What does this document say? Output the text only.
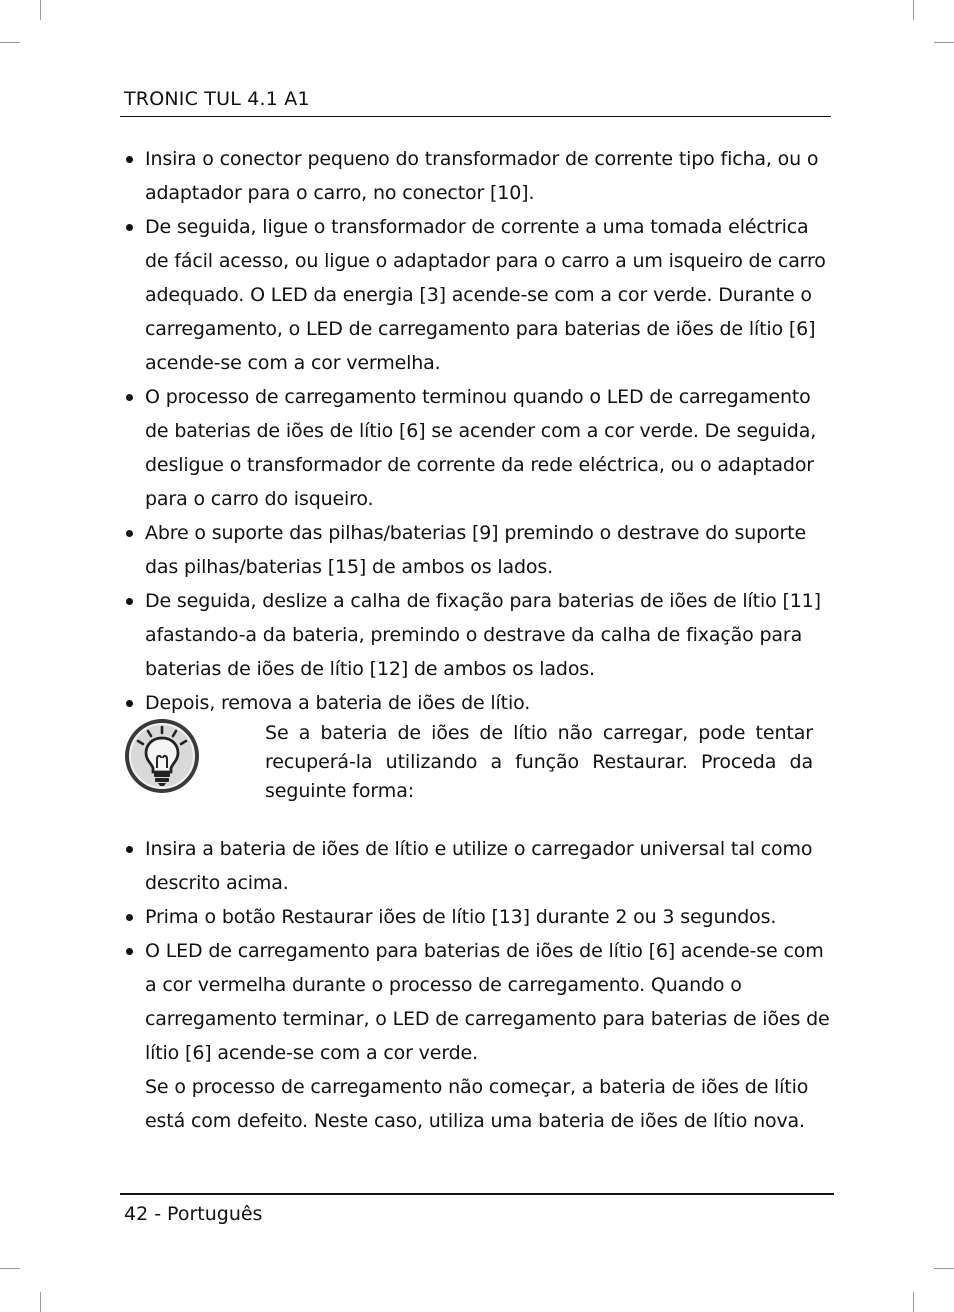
TRONIC TUL 4.1 A1
Insira o conector pequeno do transformador de corrente tipo ficha, ou o adaptador para o carro, no conector [10].
De seguida, ligue o transformador de corrente a uma tomada eléctrica de fácil acesso, ou ligue o adaptador para o carro a um isqueiro de carro adequado. O LED da energia [3] acende-se com a cor verde. Durante o carregamento, o LED de carregamento para baterias de iões de lítio [6] acende-se com a cor vermelha.
O processo de carregamento terminou quando o LED de carregamento de baterias de iões de lítio [6] se acender com a cor verde. De seguida, desligue o transformador de corrente da rede eléctrica, ou o adaptador para o carro do isqueiro.
Abre o suporte das pilhas/baterias [9] premindo o destrave do suporte das pilhas/baterias [15] de ambos os lados.
De seguida, deslize a calha de fixação para baterias de iões de lítio [11] afastando-a da bateria, premindo o destrave da calha de fixação para baterias de iões de lítio [12] de ambos os lados.
Depois, remova a bateria de iões de lítio.
Se a bateria de iões de lítio não carregar, pode tentar recuperá-la utilizando a função Restaurar. Proceda da seguinte forma:
Insira a bateria de iões de lítio e utilize o carregador universal tal como descrito acima.
Prima o botão Restaurar iões de lítio [13] durante 2 ou 3 segundos.
O LED de carregamento para baterias de iões de lítio [6] acende-se com a cor vermelha durante o processo de carregamento. Quando o carregamento terminar, o LED de carregamento para baterias de iões de lítio [6] acende-se com a cor verde.
Se o processo de carregamento não começar, a bateria de iões de lítio está com defeito. Neste caso, utiliza uma bateria de iões de lítio nova.
42 - Português
